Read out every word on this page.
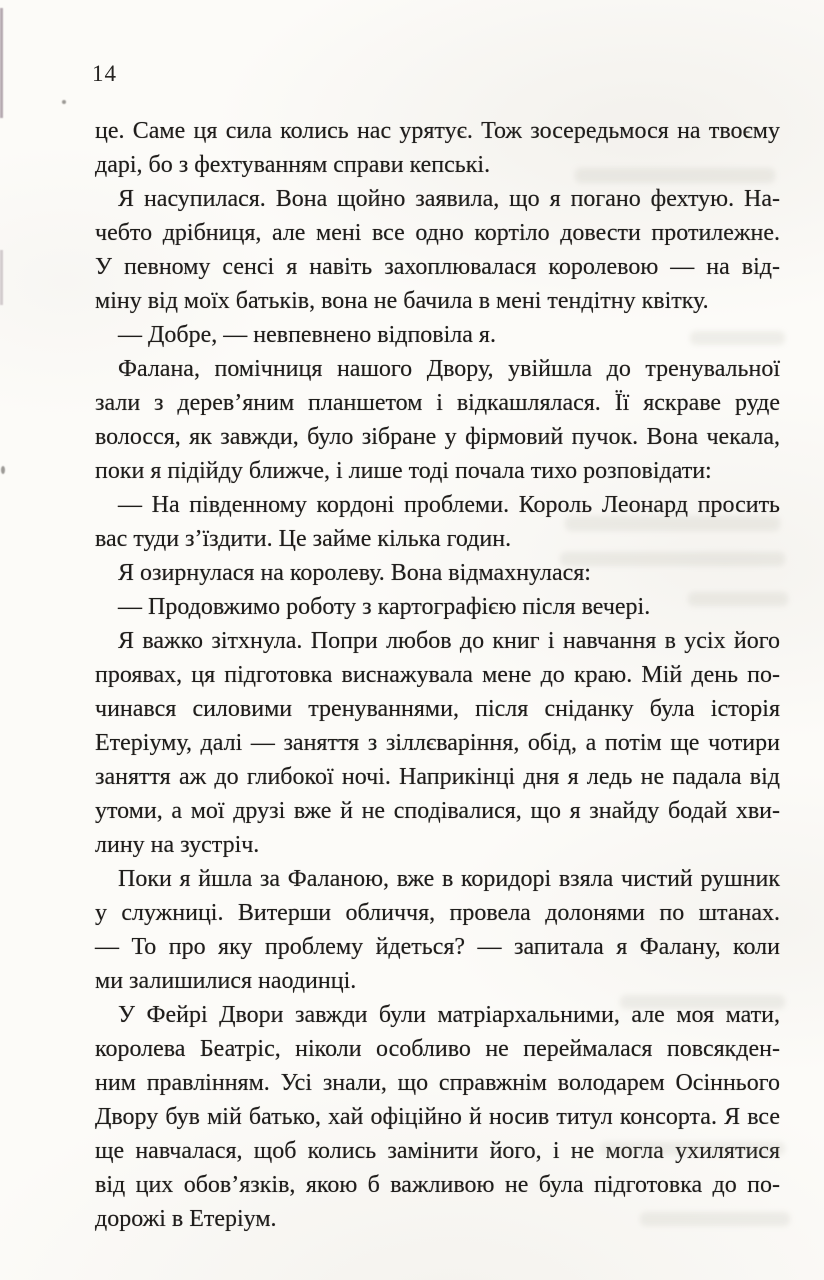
14
це. Саме ця сила колись нас урятує. Тож зосередьмося на твоєму
дарі, бо з фехтуванням справи кепські.
Я насупилася. Вона щойно заявила, що я погано фехтую. На-
чебто дрібниця, але мені все одно кортіло довести протилежне.
У певному сенсі я навіть захоплювалася королевою — на від-
міну від моїх батьків, вона не бачила в мені тендітну квітку.
— Добре, — невпевнено відповіла я.
Фалана, помічниця нашого Двору, увійшла до тренувальної
зали з дерев’яним планшетом і відкашлялася. Її яскраве руде
волосся, як завжди, було зібране у фірмовий пучок. Вона чекала,
поки я підійду ближче, і лише тоді почала тихо розповідати:
— На південному кордоні проблеми. Король Леонард просить
вас туди з’їздити. Це займе кілька годин.
Я озирнулася на королеву. Вона відмахнулася:
— Продовжимо роботу з картографією після вечері.
Я важко зітхнула. Попри любов до книг і навчання в усіх його
проявах, ця підготовка виснажувала мене до краю. Мій день по-
чинався силовими тренуваннями, після сніданку була історія
Етеріуму, далі — заняття з зіллєваріння, обід, а потім ще чотири
заняття аж до глибокої ночі. Наприкінці дня я ледь не падала від
утоми, а мої друзі вже й не сподівалися, що я знайду бодай хви-
лину на зустріч.
Поки я йшла за Фаланою, вже в коридорі взяла чистий рушник
у служниці. Витерши обличчя, провела долонями по штанах.
— То про яку проблему йдеться? — запитала я Фалану, коли
ми залишилися наодинці.
У Фейрі Двори завжди були матріархальними, але моя мати,
королева Беатріс, ніколи особливо не переймалася повсякден-
ним правлінням. Усі знали, що справжнім володарем Осіннього
Двору був мій батько, хай офіційно й носив титул консорта. Я все
ще навчалася, щоб колись замінити його, і не могла ухилятися
від цих обов’язків, якою б важливою не була підготовка до по-
дорожі в Етеріум.
